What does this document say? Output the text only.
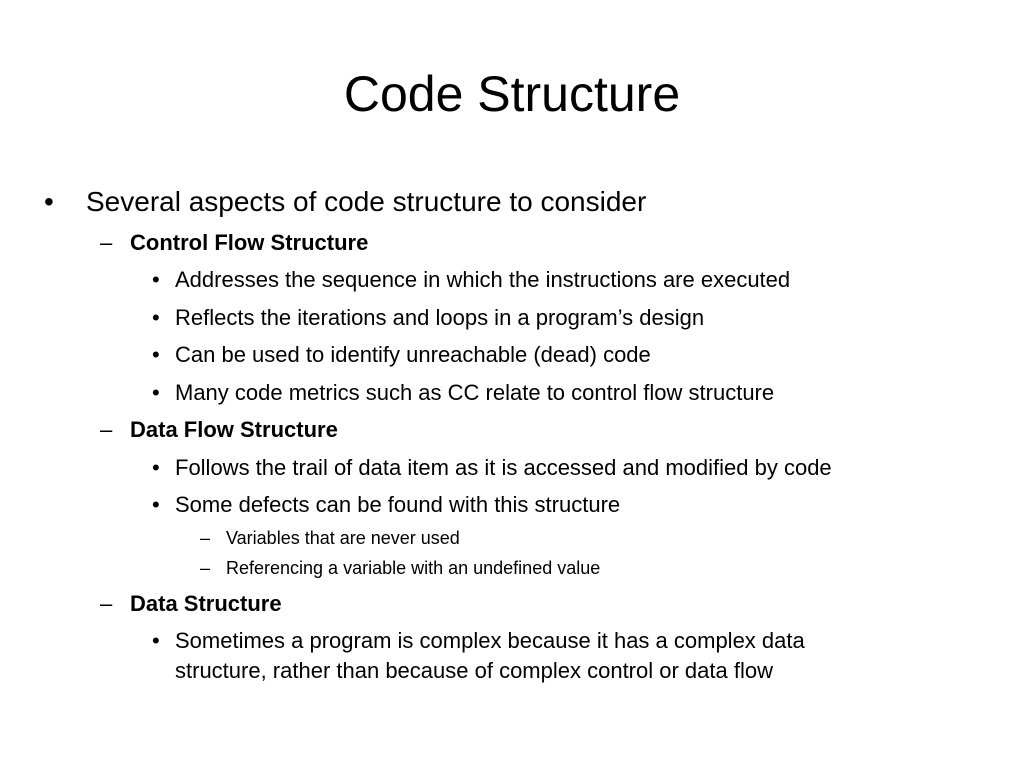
Code Structure
• Several aspects of code structure to consider
– Control Flow Structure
• Addresses the sequence in which the instructions are executed
• Reflects the iterations and loops in a program’s design
• Can be used to identify unreachable (dead) code
• Many code metrics such as CC relate to control flow structure
– Data Flow Structure
• Follows the trail of data item as it is accessed and modified by code
• Some defects can be found with this structure
– Variables that are never used
– Referencing a variable with an undefined value
– Data Structure
• Sometimes a program is complex because it has a complex data
structure, rather than because of complex control or data flow
